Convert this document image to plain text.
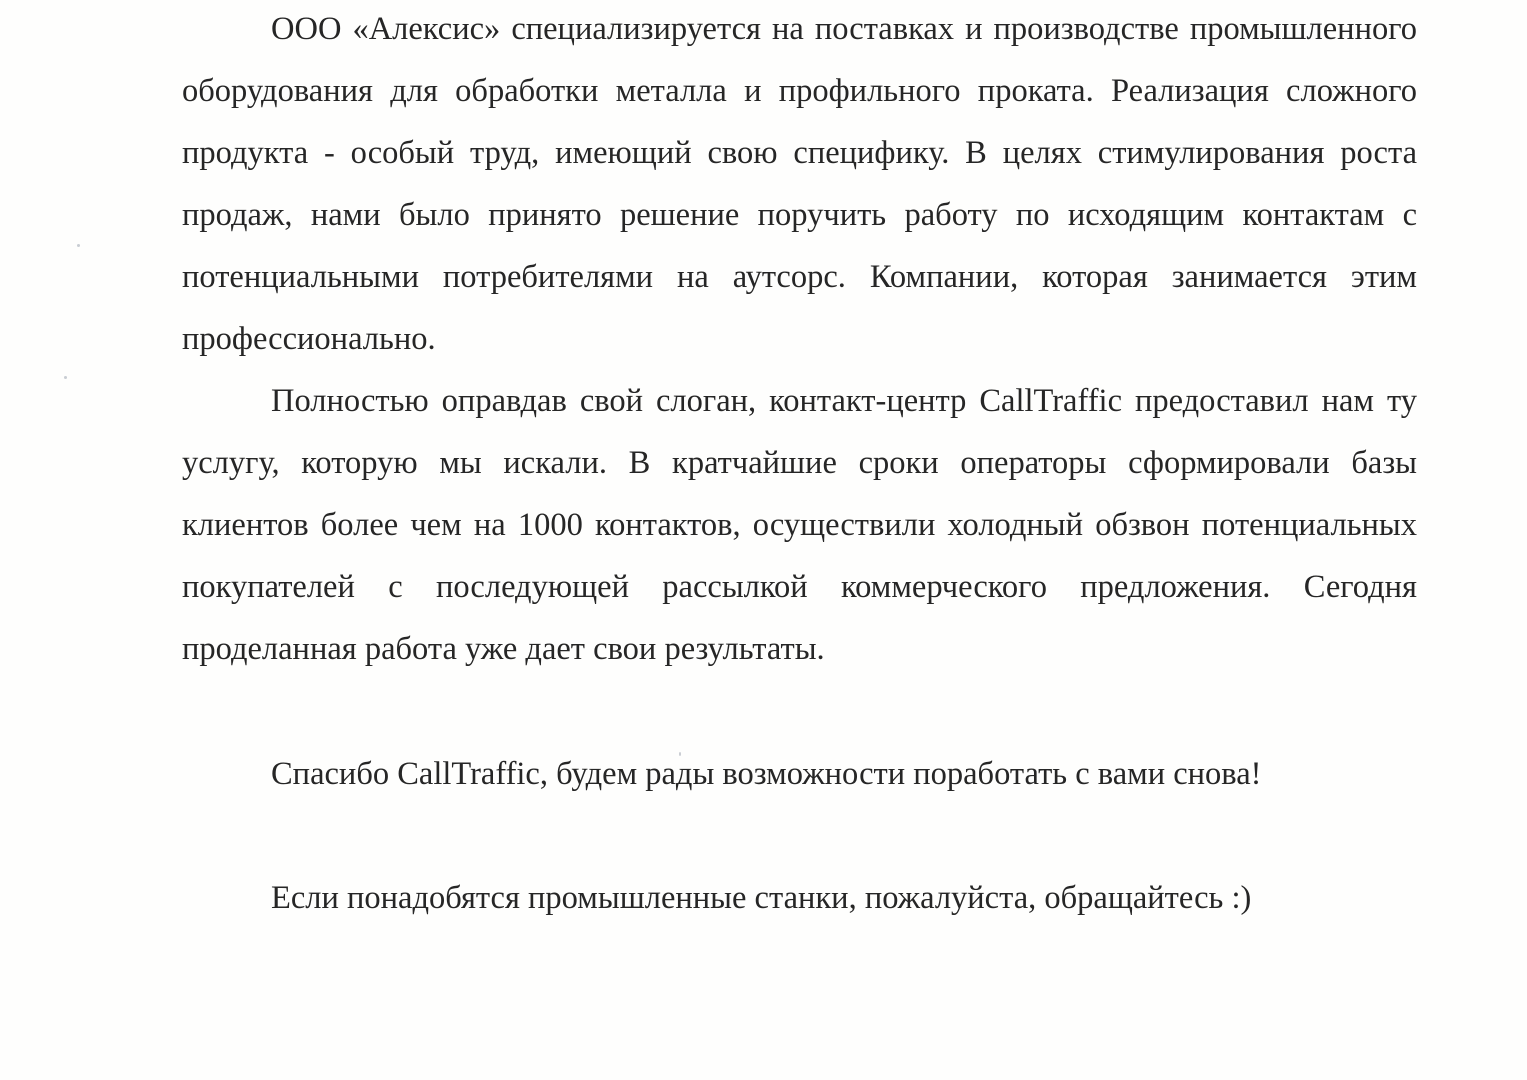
ООО «Алексис» специализируется на поставках и производстве промышленного оборудования для обработки металла и профильного проката. Реализация сложного продукта - особый труд, имеющий свою специфику. В целях стимулирования роста продаж, нами было принято решение поручить работу по исходящим контактам с потенциальными потребителями на аутсорс. Компании, которая занимается этим профессионально.

Полностью оправдав свой слоган, контакт-центр CallTraffic предоставил нам ту услугу, которую мы искали. В кратчайшие сроки операторы сформировали базы клиентов более чем на 1000 контактов, осуществили холодный обзвон потенциальных покупателей с последующей рассылкой коммерческого предложения. Сегодня проделанная работа уже дает свои результаты.

Спасибо CallTraffic, будем рады возможности поработать с вами снова!

Если понадобятся промышленные станки, пожалуйста, обращайтесь :)
